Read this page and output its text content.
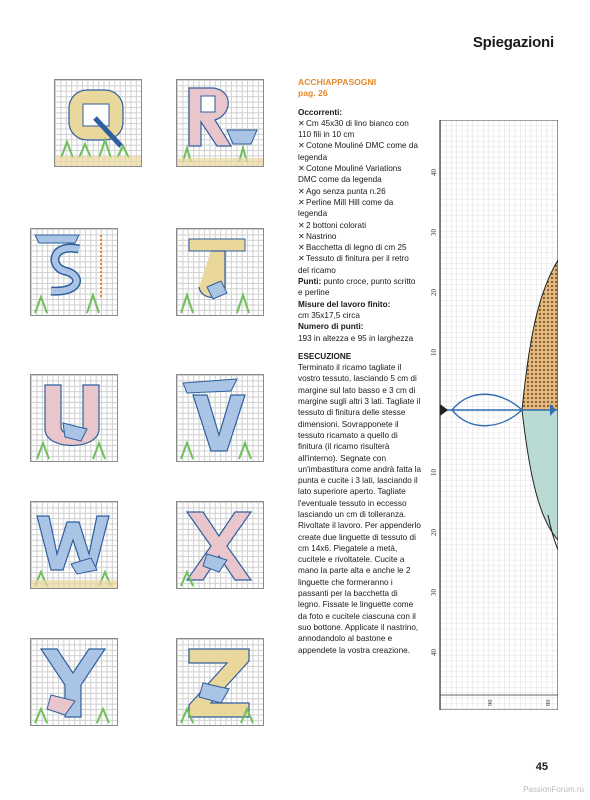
Spiegazioni

ACCHIAPPASOGNI

pag. 26

Occorrenti:

✕Cm 45x30 di lino bianco con 110 fili in 10 cm

✕Cotone Mouliné DMC come da legenda

✕Cotone Mouliné Variations DMC come da legenda

✕Ago senza punta n.26

✕Perline Mill Hill come da legenda

✕2 bottoni colorati

✕Nastrino

✕Bacchetta di legno di cm 25

✕Tessuto di finitura per il retro del ricamo

Punti: punto croce, punto scritto e perline

Misure del lavoro finito:

cm 35x17,5 circa

Numero di punti:

193 in altezza e 95 in larghezza

ESECUZIONE

Terminato il ricamo tagliate il vostro tessuto, lasciando 5 cm di margine sul lato basso e 3 cm di margine sugli altri 3 lati. Tagliate il tessuto di finitura delle stesse dimensioni. Sovrapponete il tessuto ricamato a quello di finitura (il ricamo risulterà all'interno). Segnate con un'imbastitura come andrà fatta la punta e cucite i 3 lati, lasciando il lato superiore aperto. Tagliate l'eventuale tessuto in eccesso lasciando un cm di tolleranza. Rivoltate il lavoro. Per appenderlo create due linguette di tessuto di cm 14x6. Piegatele a metà, cucitele e rivoltatele. Cucite a mano la parte alta e anche le 2 linguette che formeranno i passanti per la bacchetta di legno. Fissate le linguette come da foto e cucitele ciascuna con il suo bottone. Applicate il nastrino, annodandolo al bastone e appendete la vostra creazione.

40
30
20
10
10
20
30
40
90	80
45
PassionForum.ru
